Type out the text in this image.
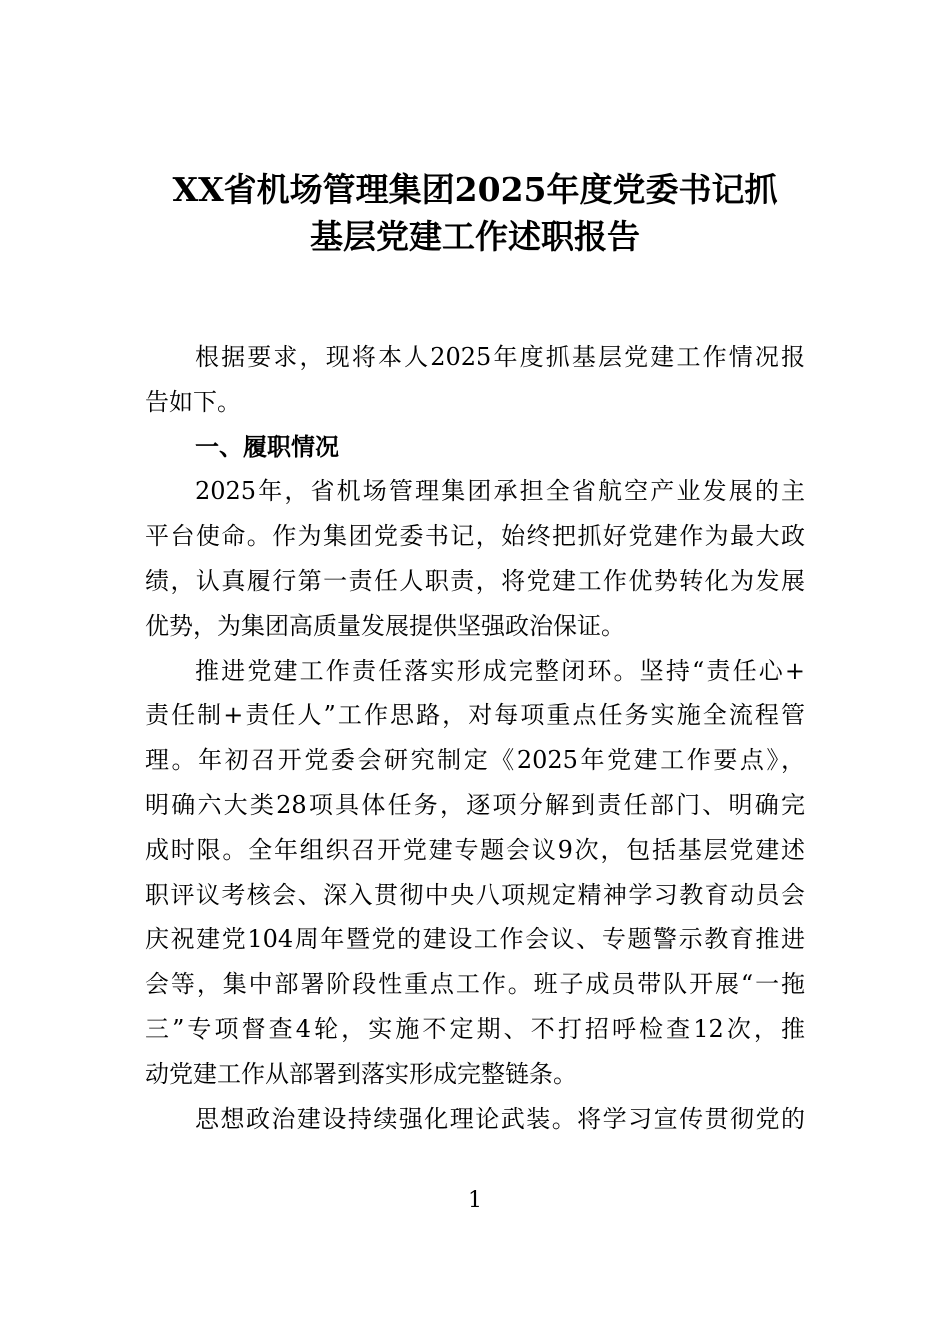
XX省机场管理集团2025年度党委书记抓
基层党建工作述职报告
根据要求，现将本人2025年度抓基层党建工作情况报
告如下。
一、履职情况
2025年，省机场管理集团承担全省航空产业发展的主
平台使命。作为集团党委书记，始终把抓好党建作为最大政
绩，认真履行第一责任人职责，将党建工作优势转化为发展
优势，为集团高质量发展提供坚强政治保证。
推进党建工作责任落实形成完整闭环。坚持“责任心+
责任制+责任人”工作思路，对每项重点任务实施全流程管
理。年初召开党委会研究制定《2025年党建工作要点》，
明确六大类28项具体任务，逐项分解到责任部门、明确完
成时限。全年组织召开党建专题会议9次，包括基层党建述
职评议考核会、深入贯彻中央八项规定精神学习教育动员会
庆祝建党104周年暨党的建设工作会议、专题警示教育推进
会等，集中部署阶段性重点工作。班子成员带队开展“一拖
三”专项督查4轮，实施不定期、不打招呼检查12次，推
动党建工作从部署到落实形成完整链条。
思想政治建设持续强化理论武装。将学习宣传贯彻党的
1
